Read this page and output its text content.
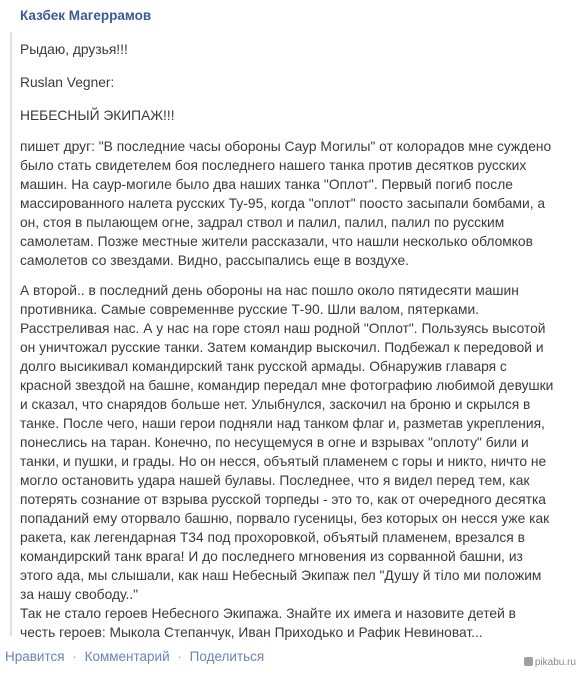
Казбек Магеррамов

Рыдаю, друзья!!!

Ruslan Vegner:

НЕБЕСНЫЙ ЭКИПАЖ!!!

пишет друг: "В последние часы обороны Саур Могилы" от колорадов мне суждено
было стать свидетелем боя последнего нашего танка против десятков русских
машин. На саур-могиле было два наших танка "Оплот". Первый погиб после
массированного налета русских Ту-95, когда "оплот" поосто засыпали бомбами, а
он, стоя в пылающем огне, задрал ствол и палил, палил, палил по русским
самолетам. Позже местные жители рассказали, что нашли несколько обломков
самолетов со звездами. Видно, рассыпались еще в воздухе.

А второй.. в последний день обороны на нас пошло около пятидесяти машин
противника. Самые современнве русские Т-90. Шли валом, пятерками.
Расстреливая нас. А у нас на горе стоял наш родной "Оплот". Пользуясь высотой
он уничтожал русские танки. Затем командир выскочил. Подбежал к передовой и
долго высикивал командирский танк русской армады. Обнаружив главаря с
красной звездой на башне, командир передал мне фотографию любимой девушки
и сказал, что снарядов больше нет. Улыбнулся, заскочил на броню и скрылся в
танке. После чего, наши герои подняли над танком флаг и, разметав укрепления,
понеслись на таран. Конечно, по несущемуся в огне и взрывах "оплоту" били и
танки, и пушки, и грады. Но он несся, объятый пламенем с горы и никто, ничто не
могло остановить удара нашей булавы. Последнее, что я видел перед тем, как
потерять сознание от взрыва русской торпеды - это то, как от очередного десятка
попаданий ему оторвало башню, порвало гусеницы, без которых он несся уже как
ракета, как легендарная Т34 под прохоровкой, объятый пламенем, врезался в
командирский танк врага! И до последнего мгновения из сорванной башни, из
этого ада, мы слышали, как наш Небесный Экипаж пел "Душу й тiло ми положим
за нашу свободу.."
Так не стало героев Небесного Экипажа. Знайте их имега и назовите детей в
честь героев: Мыкола Степанчук, Иван Приходько и Рафик Невиноват...

Нравится · Комментарий · Поделиться	pikabu.ru
